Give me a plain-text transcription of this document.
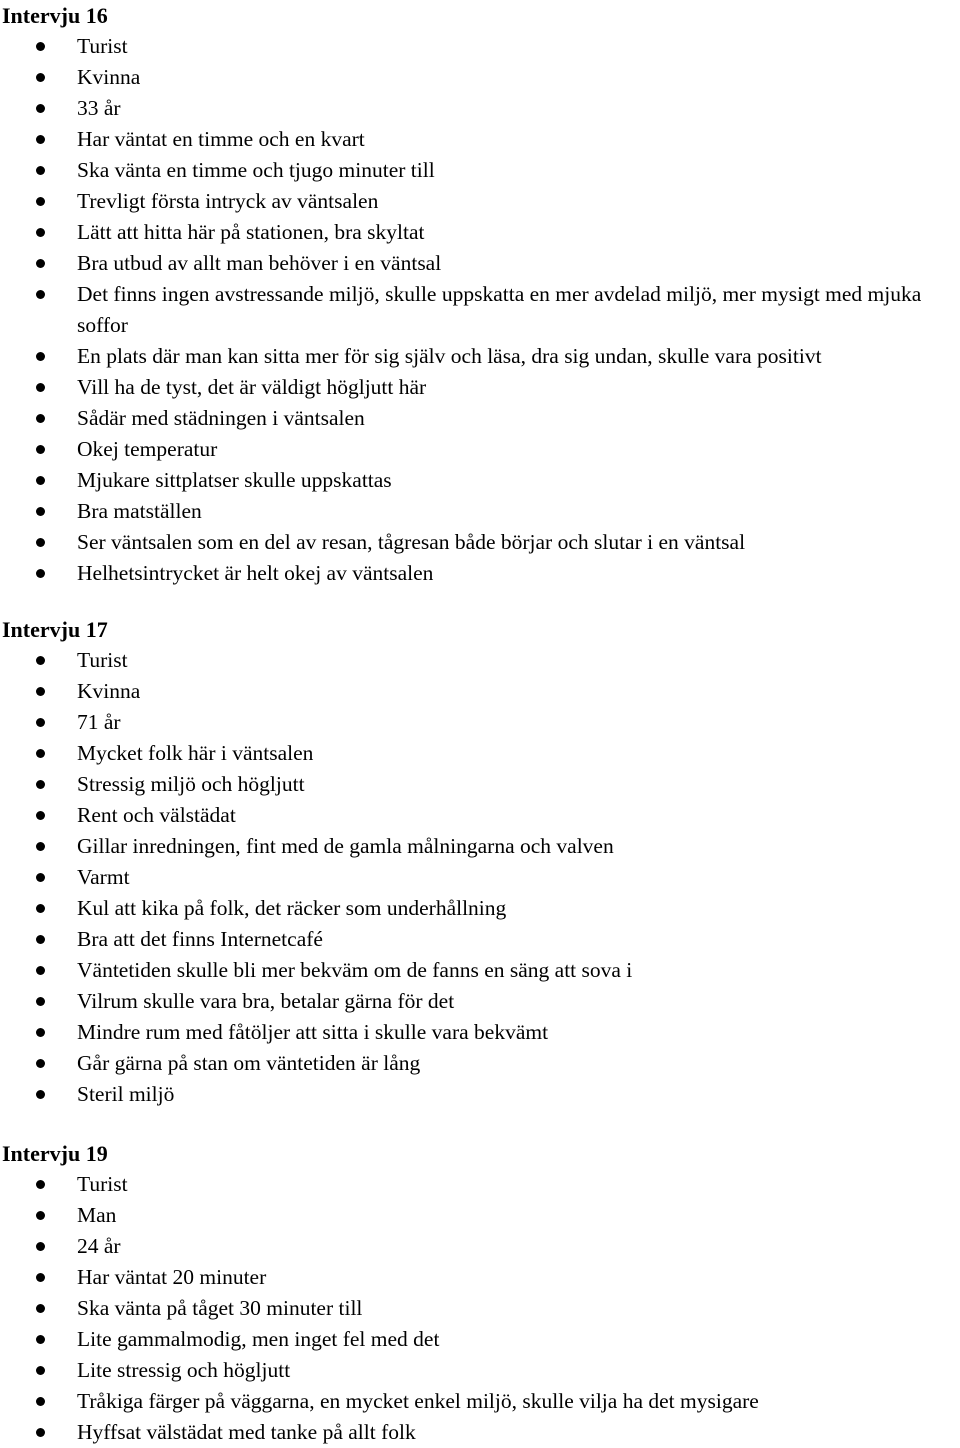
Intervju 16
Turist
Kvinna
33 år
Har väntat en timme och en kvart
Ska vänta en timme och tjugo minuter till
Trevligt första intryck av väntsalen
Lätt att hitta här på stationen, bra skyltat
Bra utbud av allt man behöver i en väntsal
Det finns ingen avstressande miljö, skulle uppskatta en mer avdelad miljö, mer mysigt med mjuka soffor
En plats där man kan sitta mer för sig själv och läsa, dra sig undan, skulle vara positivt
Vill ha de tyst, det är väldigt högljutt här
Sådär med städningen i väntsalen
Okej temperatur
Mjukare sittplatser skulle uppskattas
Bra matställen
Ser väntsalen som en del av resan, tågresan både börjar och slutar i en väntsal
Helhetsintrycket är helt okej av väntsalen
Intervju 17
Turist
Kvinna
71 år
Mycket folk här i väntsalen
Stressig miljö och högljutt
Rent och välstädat
Gillar inredningen, fint med de gamla målningarna och valven
Varmt
Kul att kika på folk, det räcker som underhållning
Bra att det finns Internetcafé
Väntetiden skulle bli mer bekväm om de fanns en säng att sova i
Vilrum skulle vara bra, betalar gärna för det
Mindre rum med fåtöljer att sitta i skulle vara bekvämt
Går gärna på stan om väntetiden är lång
Steril miljö
Intervju 19
Turist
Man
24 år
Har väntat 20 minuter
Ska vänta på tåget 30 minuter till
Lite gammalmodig, men inget fel med det
Lite stressig och högljutt
Tråkiga färger på väggarna, en mycket enkel miljö, skulle vilja ha det mysigare
Hyffsat välstädat med tanke på allt folk
